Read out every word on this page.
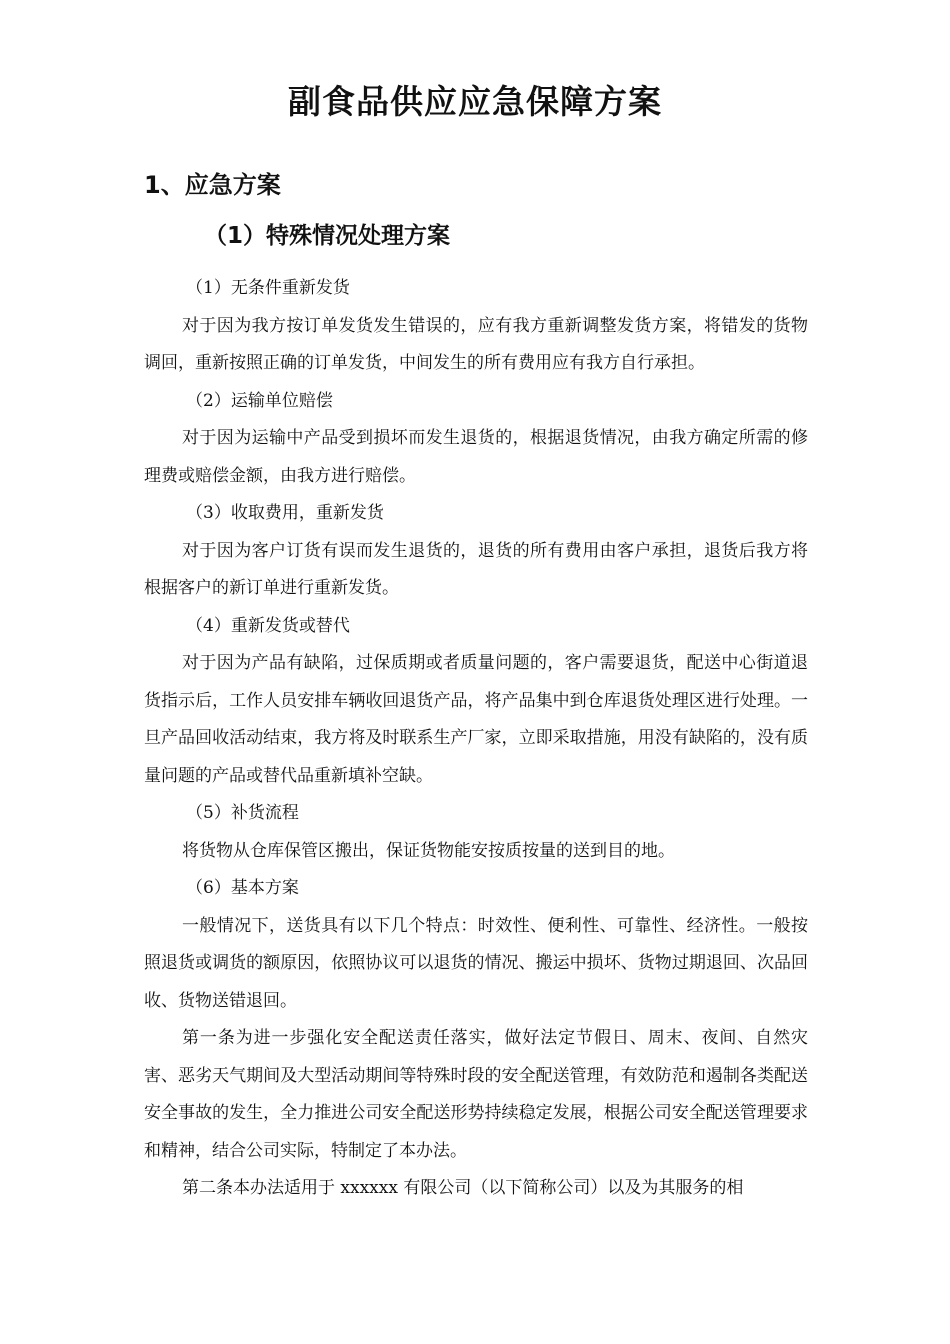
副食品供应应急保障方案
1、应急方案
（1）特殊情况处理方案

（1）无条件重新发货

对于因为我方按订单发货发生错误的，应有我方重新调整发货方案，将错发的货物调回，重新按照正确的订单发货，中间发生的所有费用应有我方自行承担。

（2）运输单位赔偿

对于因为运输中产品受到损坏而发生退货的，根据退货情况，由我方确定所需的修理费或赔偿金额，由我方进行赔偿。

（3）收取费用，重新发货

对于因为客户订货有误而发生退货的，退货的所有费用由客户承担，退货后我方将根据客户的新订单进行重新发货。

（4）重新发货或替代

对于因为产品有缺陷，过保质期或者质量问题的，客户需要退货，配送中心街道退货指示后，工作人员安排车辆收回退货产品，将产品集中到仓库退货处理区进行处理。一旦产品回收活动结束，我方将及时联系生产厂家，立即采取措施，用没有缺陷的，没有质量问题的产品或替代品重新填补空缺。

（5）补货流程

将货物从仓库保管区搬出，保证货物能安按质按量的送到目的地。

（6）基本方案

一般情况下，送货具有以下几个特点：时效性、便利性、可靠性、经济性。一般按照退货或调货的额原因，依照协议可以退货的情况、搬运中损坏、货物过期退回、次品回收、货物送错退回。

第一条为进一步强化安全配送责任落实，做好法定节假日、周末、夜间、自然灾害、恶劣天气期间及大型活动期间等特殊时段的安全配送管理，有效防范和遏制各类配送安全事故的发生，全力推进公司安全配送形势持续稳定发展，根据公司安全配送管理要求和精神，结合公司实际，特制定了本办法。

第二条本办法适用于 xxxxxx 有限公司（以下简称公司）以及为其服务的相
